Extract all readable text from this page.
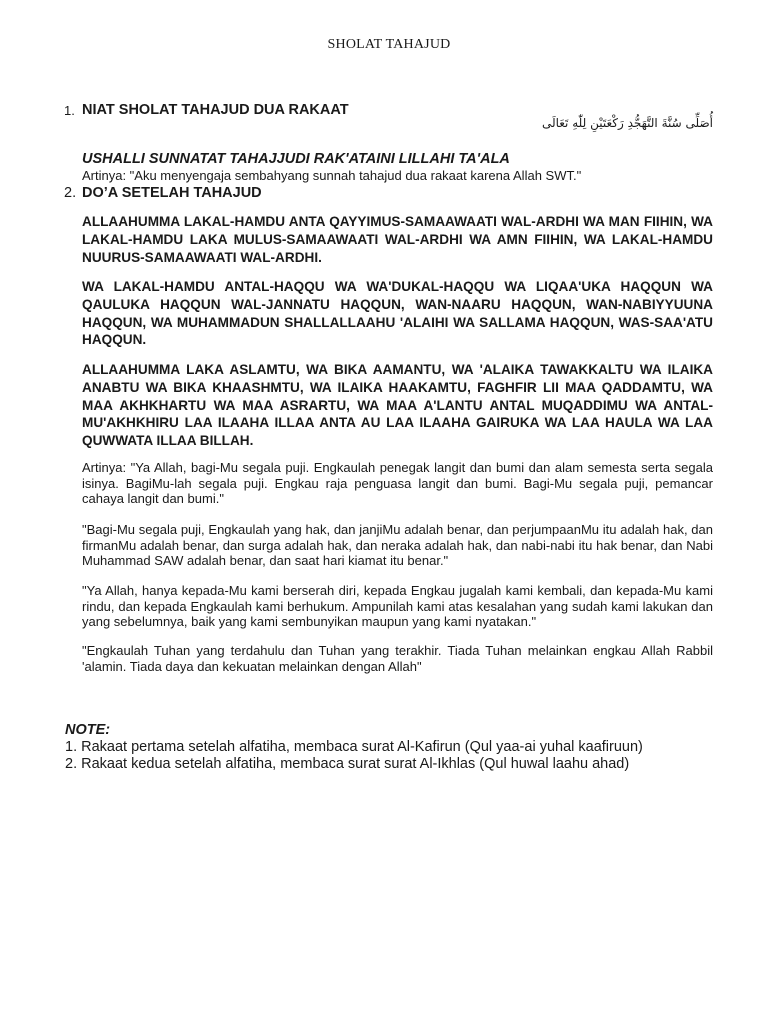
SHOLAT TAHAJUD
1. NIAT SHOLAT TAHAJUD DUA RAKAAT
أُصَلِّى سُنَّةَ التَّهَجُّدِ رَكْعَتَيْنِ لِلّٰهِ تَعَالَى
USHALLI SUNNATAT TAHAJJUDI RAK'ATAINI LILLAHI TA'ALA
Artinya: "Aku menyengaja sembahyang sunnah tahajud dua rakaat karena Allah SWT."
2. DO’A SETELAH TAHAJUD

ALLAAHUMMA LAKAL-HAMDU ANTA QAYYIMUS-SAMAAWAATI WAL-ARDHI WA MAN FIIHIN, WA LAKAL-HAMDU LAKA MULUS-SAMAAWAATI WAL-ARDHI WA AMN FIIHIN, WA LAKAL-HAMDU NUURUS-SAMAAWAATI WAL-ARDHI.

WA LAKAL-HAMDU ANTAL-HAQQU WA WA'DUKAL-HAQQU WA LIQAA'UKA HAQQUN WA QAULUKA HAQQUN WAL-JANNATU HAQQUN, WAN-NAARU HAQQUN, WAN-NABIYYUUNA HAQQUN, WA MUHAMMADUN SHALLALLAAHU 'ALAIHI WA SALLAMA HAQQUN, WAS-SAA'ATU HAQQUN.

ALLAAHUMMA LAKA ASLAMTU, WA BIKA AAMANTU, WA 'ALAIKA TAWAKKALTU WA ILAIKA ANABTU WA BIKA KHAASHMTU, WA ILAIKA HAAKAMTU, FAGHFIR LII MAA QADDAMTU, WA MAA AKHKHARTU WA MAA ASRARTU, WA MAA A'LANTU ANTAL MUQADDIMU WA ANTAL-MU'AKHKHIRU LAA ILAAHA ILLAA ANTA AU LAA ILAAHA GAIRUKA WA LAA HAULA WA LAA QUWWATA ILLAA BILLAH.

Artinya: "Ya Allah, bagi-Mu segala puji. Engkaulah penegak langit dan bumi dan alam semesta serta segala isinya. BagiMu-lah segala puji. Engkau raja penguasa langit dan bumi. Bagi-Mu segala puji, pemancar cahaya langit dan bumi."

"Bagi-Mu segala puji, Engkaulah yang hak, dan janjiMu adalah benar, dan perjumpaanMu itu adalah hak, dan firmanMu adalah benar, dan surga adalah hak, dan neraka adalah hak, dan nabi-nabi itu hak benar, dan Nabi Muhammad SAW adalah benar, dan saat hari kiamat itu benar."

"Ya Allah, hanya kepada-Mu kami berserah diri, kepada Engkau jugalah kami kembali, dan kepada-Mu kami rindu, dan kepada Engkaulah kami berhukum. Ampunilah kami atas kesalahan yang sudah kami lakukan dan yang sebelumnya, baik yang kami sembunyikan maupun yang kami nyatakan."

"Engkaulah Tuhan yang terdahulu dan Tuhan yang terakhir. Tiada Tuhan melainkan engkau Allah Rabbil 'alamin. Tiada daya dan kekuatan melainkan dengan Allah"

NOTE:
1. Rakaat pertama setelah alfatiha, membaca surat Al-Kafirun (Qul yaa-ai yuhal kaafiruun)
2. Rakaat kedua setelah alfatiha, membaca surat surat Al-Ikhlas (Qul huwal laahu ahad)
